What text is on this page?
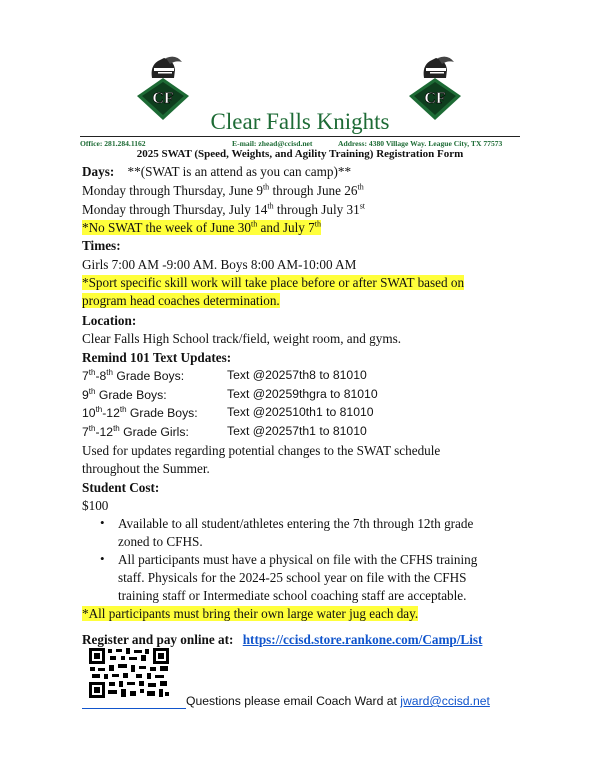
CF	CF
Clear Falls Knights
Office: 281.284.1162	E-mail: zhead@ccisd.net	Address: 4380 Village Way. League City, TX 77573
2025 SWAT (Speed, Weights, and Agility Training) Registration Form
Days: **(SWAT is an attend as you can camp)**
Monday through Thursday, June 9th through June 26th
Monday through Thursday, July 14th through July 31st
*No SWAT the week of June 30th and July 7th
Times:
Girls 7:00 AM -9:00 AM. Boys 8:00 AM-10:00 AM
*Sport specific skill work will take place before or after SWAT based on
program head coaches determination.
Location:
Clear Falls High School track/field, weight room, and gyms.
Remind 101 Text Updates:
7th-8th Grade Boys:	Text @20257th8 to 81010
9th Grade Boys:	Text @20259thgra to 81010
10th-12th Grade Boys: Text @202510th1 to 81010
7th-12th Grade Girls:	Text @20257th1 to 81010
Used for updates regarding potential changes to the SWAT schedule
throughout the Summer.
Student Cost:
$100
• Available to all student/athletes entering the 7th through 12th grade
zoned to CFHS.
• All participants must have a physical on file with the CFHS training
staff. Physicals for the 2024-25 school year on file with the CFHS
training staff or Intermediate school coaching staff are acceptable.
*All participants must bring their own large water jug each day.
Register and pay online at: https://ccisd.store.rankone.com/Camp/List
Questions please email Coach Ward at jward@ccisd.net
